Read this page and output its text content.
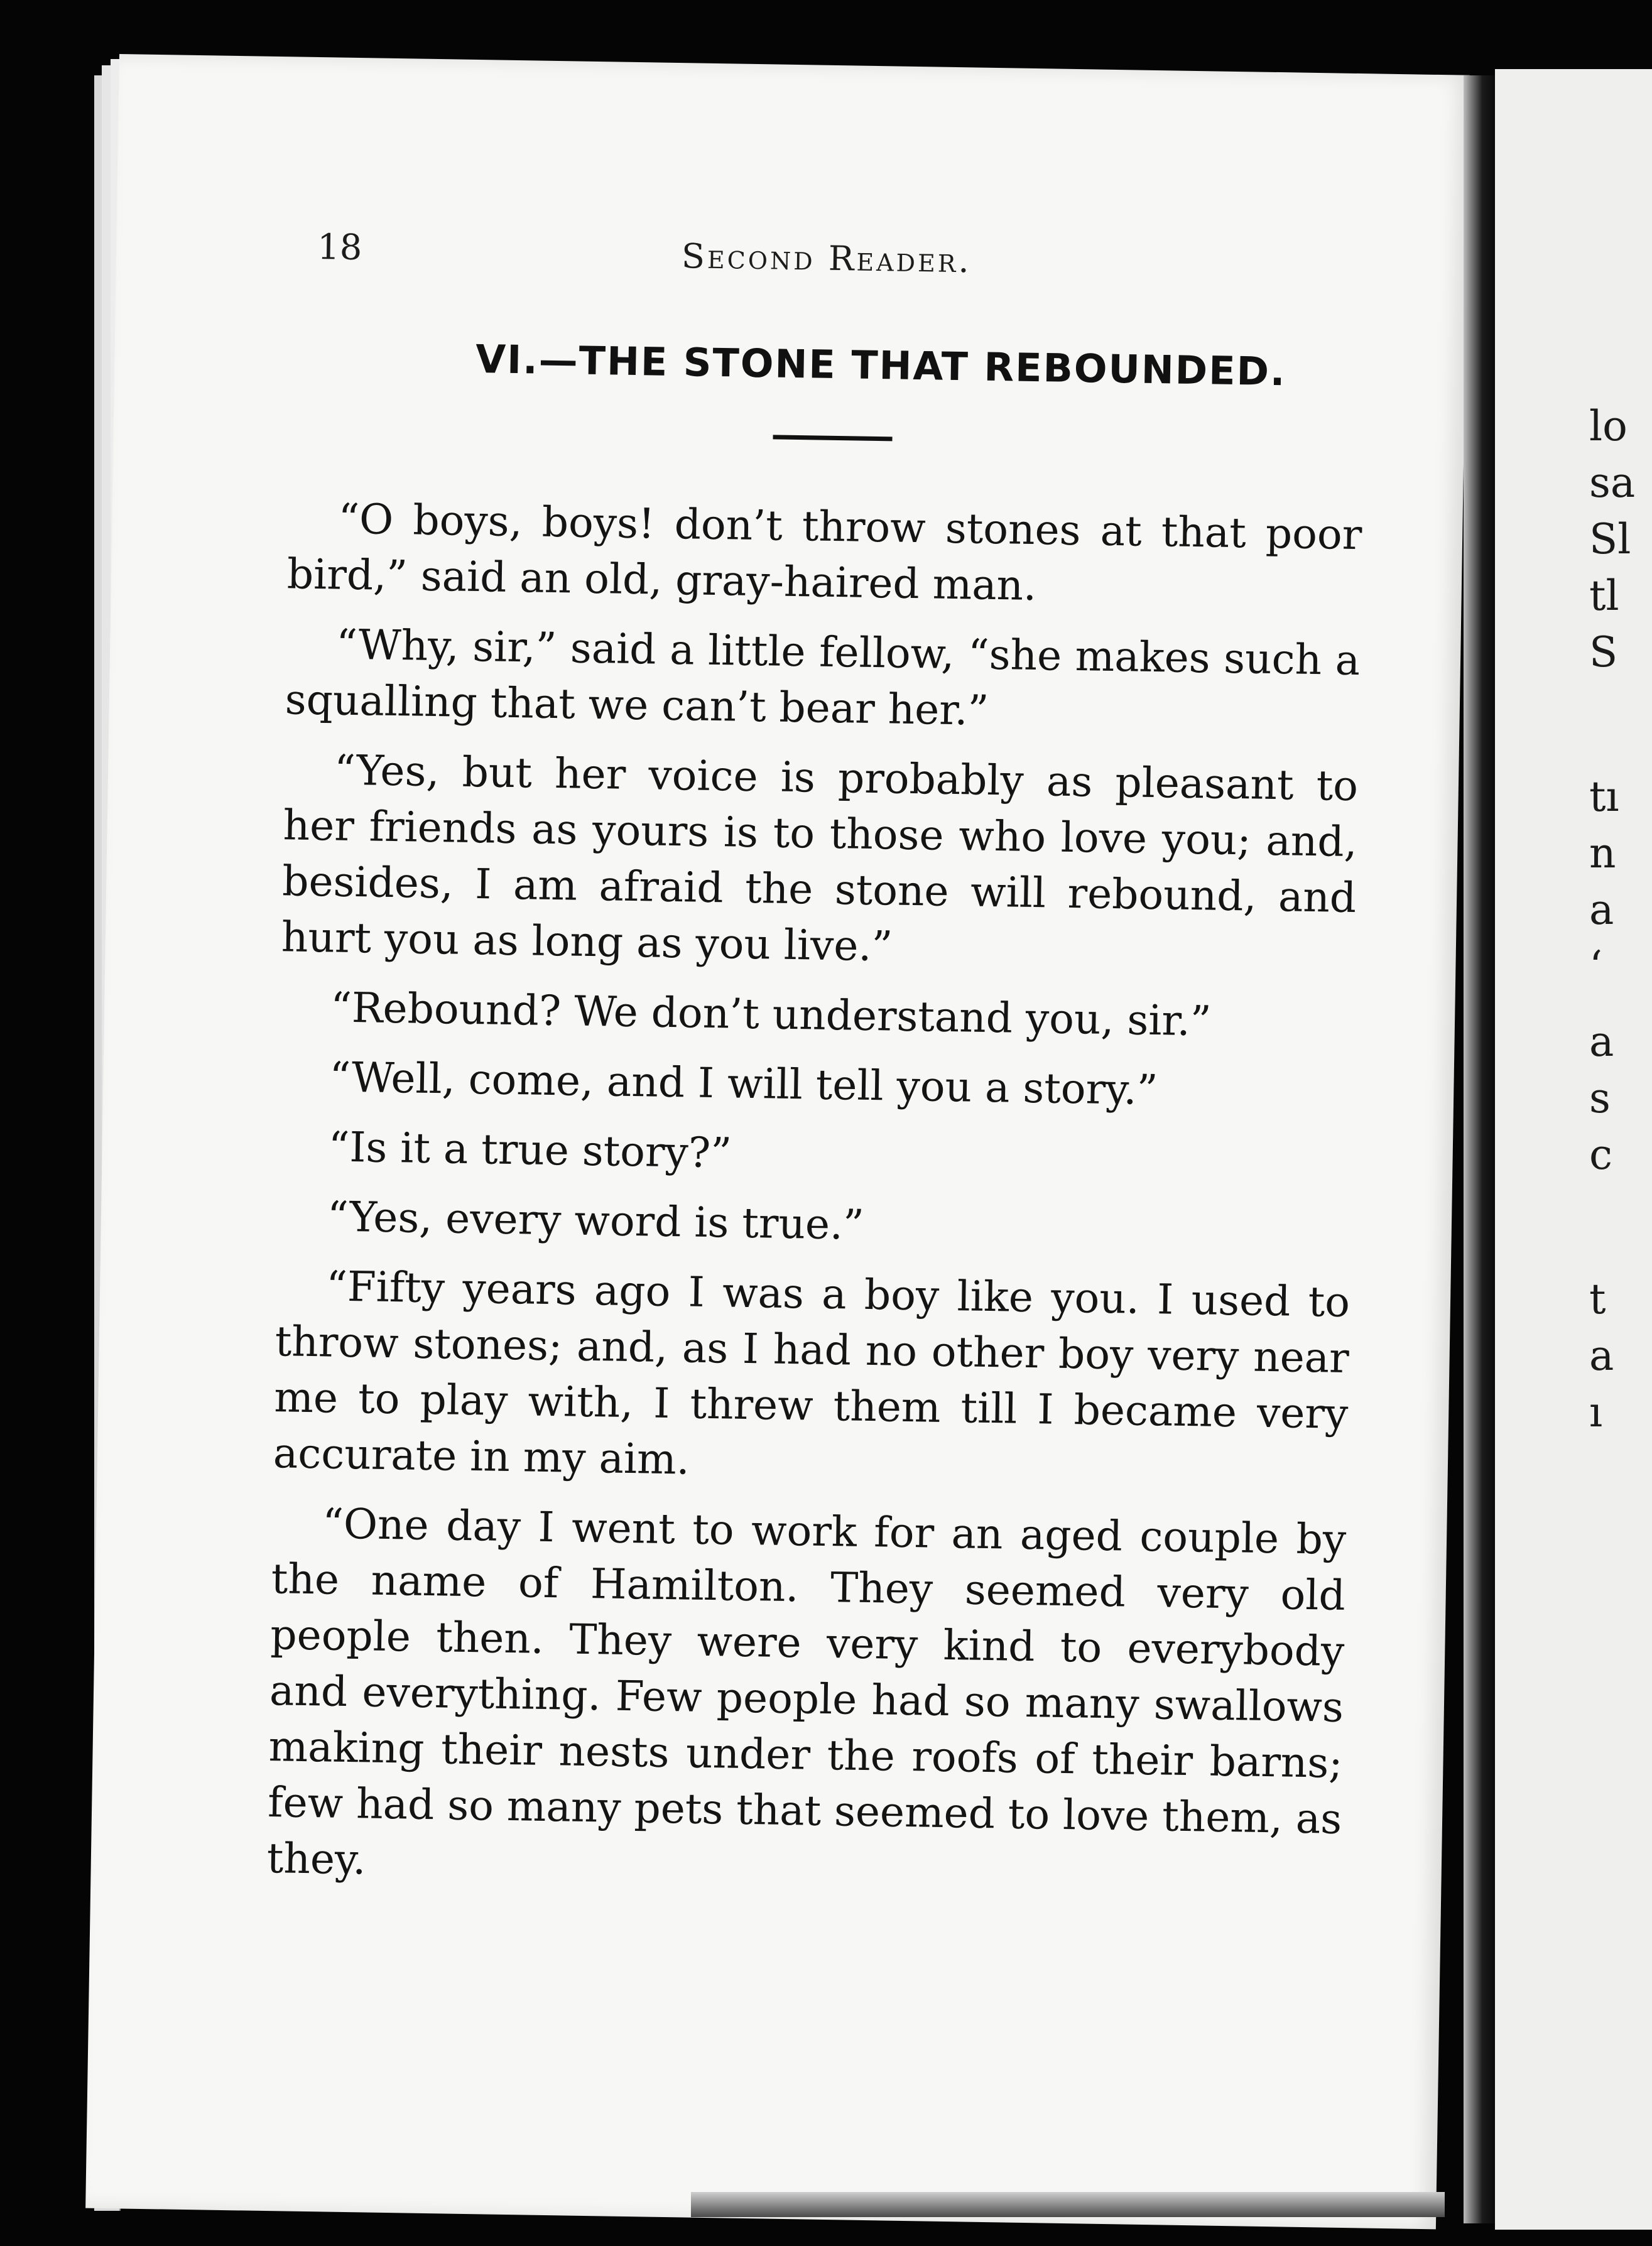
18	Second Reader.
VI.—THE STONE THAT REBOUNDED.

“O boys, boys! don’t throw stones at that poor bird,” said an old, gray-haired man.

“Why, sir,” said a little fellow, “she makes such a squalling that we can’t bear her.”

“Yes, but her voice is probably as pleasant to her friends as yours is to those who love you; and, besides, I am afraid the stone will rebound, and hurt you as long as you live.”

“Rebound? We don’t understand you, sir.”

“Well, come, and I will tell you a story.”

“Is it a true story?”

“Yes, every word is true.”

“Fifty years ago I was a boy like you. I used to throw stones; and, as I had no other boy very near me to play with, I threw them till I became very accurate in my aim.

“One day I went to work for an aged couple by the name of Hamilton. They seemed very old people then. They were very kind to everybody and everything. Few people had so many swallows making their nests under the roofs of their barns; few had so many pets that seemed to love them, as they.

lo
sa
Sl
tl
S
tı
n
a
‘
a
s
c
t
a
ı
